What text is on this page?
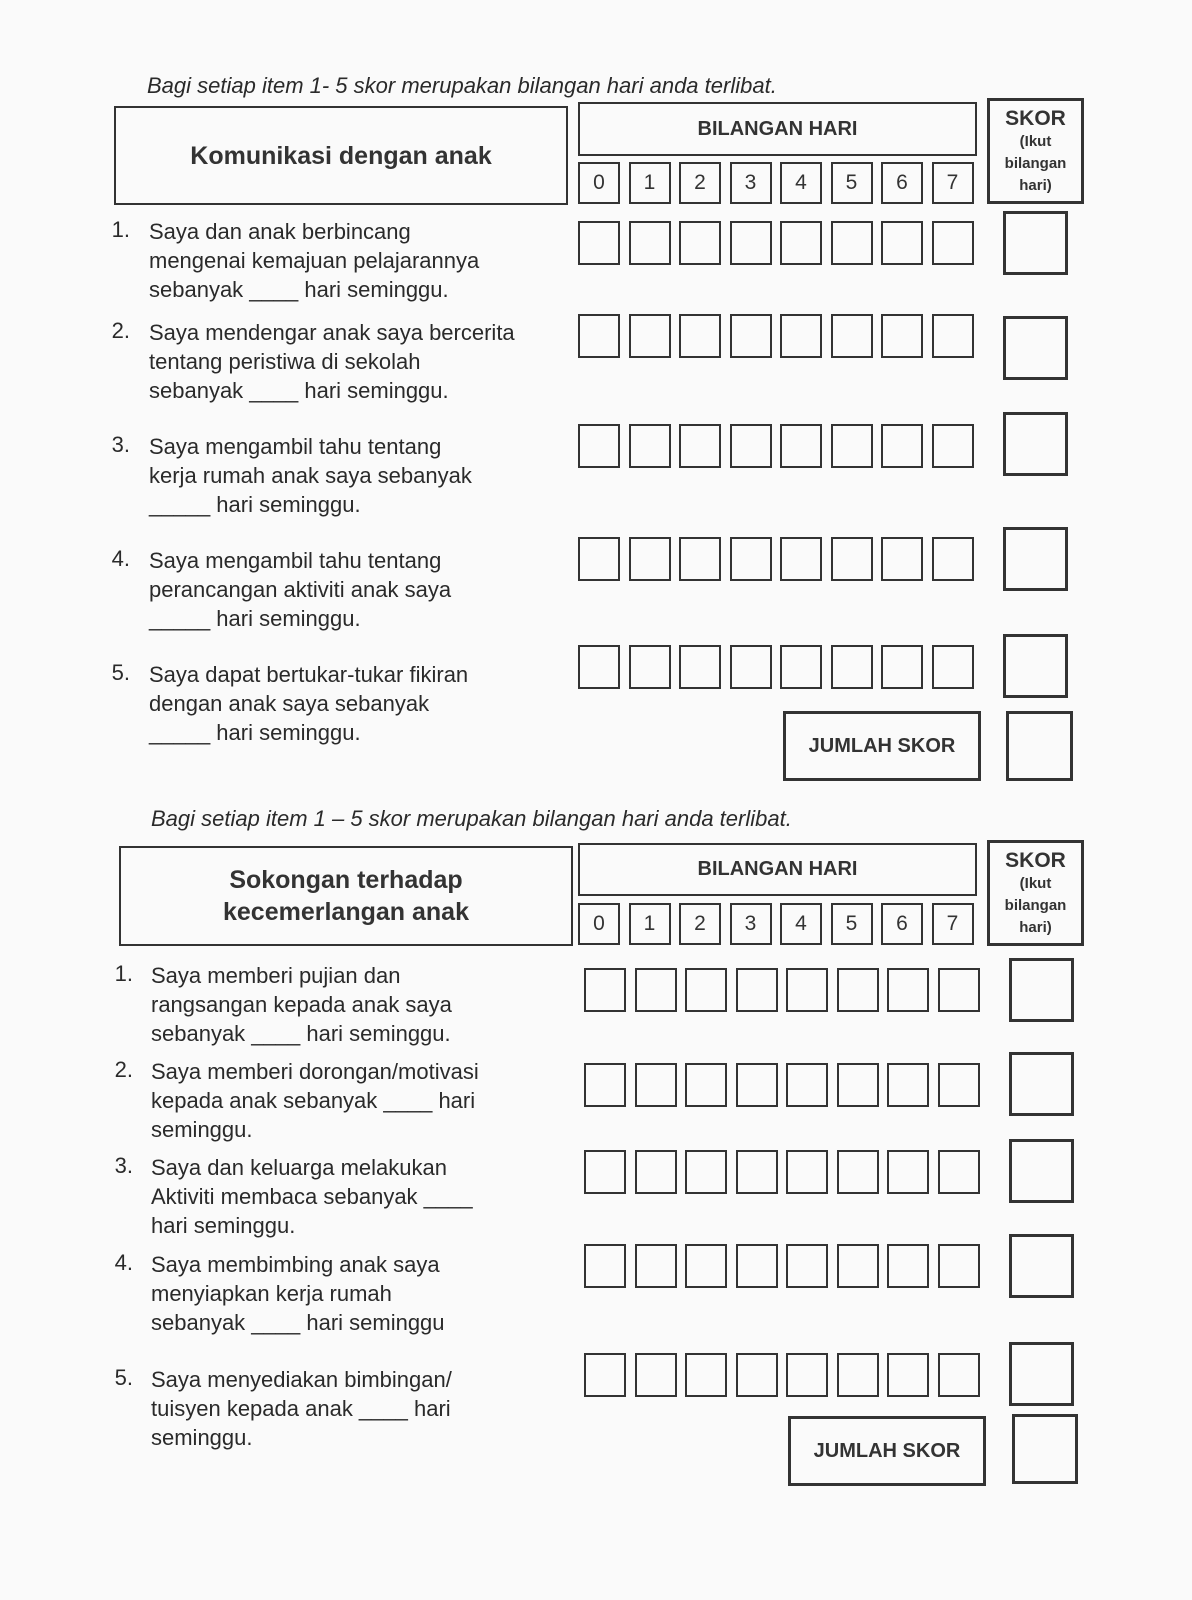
Bagi setiap item 1- 5 skor merupakan bilangan hari anda terlibat.
Komunikasi dengan anak
BILANGAN HARI	SKOR
(Ikut
bilangan
hari)
0	1	2	3	4	5	6	7
1. Saya dan anak berbincang
mengenai kemajuan pelajarannya
sebanyak ____ hari seminggu.
2. Saya mendengar anak saya bercerita
tentang peristiwa di sekolah
sebanyak ____ hari seminggu.
3. Saya mengambil tahu tentang
kerja rumah anak saya sebanyak
_____ hari seminggu.
4. Saya mengambil tahu tentang
perancangan aktiviti anak saya
_____ hari seminggu.
5. Saya dapat bertukar-tukar fikiran
dengan anak saya sebanyak
_____ hari seminggu.
JUMLAH SKOR
Bagi setiap item 1 – 5 skor merupakan bilangan hari anda terlibat.
Sokongan terhadap
kecemerlangan anak
BILANGAN HARI	SKOR
(Ikut
bilangan
hari)
0	1	2	3	4	5	6	7
1. Saya memberi pujian dan
rangsangan kepada anak saya
sebanyak ____ hari seminggu.
2. Saya memberi dorongan/motivasi
kepada anak sebanyak ____ hari
seminggu.
3. Saya dan keluarga melakukan
Aktiviti membaca sebanyak ____
hari seminggu.
4. Saya membimbing anak saya
menyiapkan kerja rumah
sebanyak ____ hari seminggu
5. Saya menyediakan bimbingan/
tuisyen kepada anak ____ hari
seminggu.
JUMLAH SKOR
